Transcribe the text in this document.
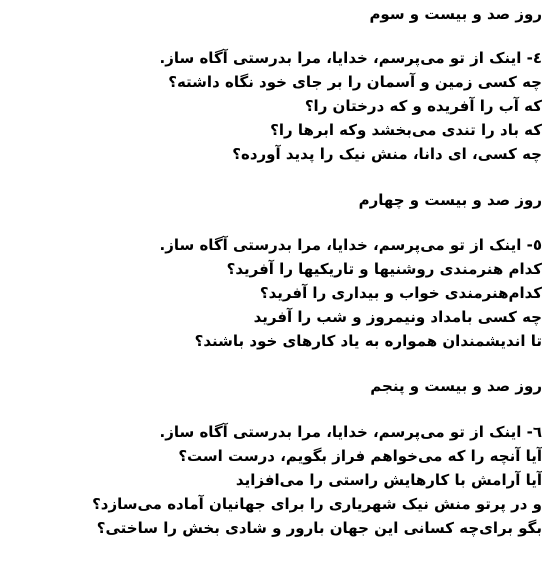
روز صد و بیست و سوم
٤- اینک از تو می‌پرسم، خدایا، مرا بدرستی آگاه ساز.
چه کسی زمین و آسمان را بر جای خود نگاه داشته؟
که آب را آفریده و که درختان را؟
که باد را تندی می‌بخشد وکه ابرها را؟
چه کسی، ای دانا، منش‌ نیک را پدید آورده؟
روز صد و بیست و چهارم
٥- اینک از تو می‌پرسم، خدایا، مرا بدرستی آگاه ساز.
کدام هنرمندی روشنیها و تاریکیها را آفرید؟
کدام‌هنرمندی خواب و بیداری را آفرید؟
چه کسی بامداد ونیمروز و شب را آفرید
تا اندیشمندان همواره به یاد‌ کارهای خود باشند؟
روز صد و بیست و پنجم
٦- اینک از تو می‌پرسم، خدایا، مرا بدرستی آگاه ساز.
آیا آنچه را که می‌خواهم فراز بگویم، درست است؟
آیا آرامش با کارهایش راستی را می‌افزاید
و در پرتو‌ منش‌ نیک شهریاری را برای جهانیان آماده می‌سازد؟
بگو برای‌چه کسانی این جهان‌ بارور و شادی بخش را ساختی؟
